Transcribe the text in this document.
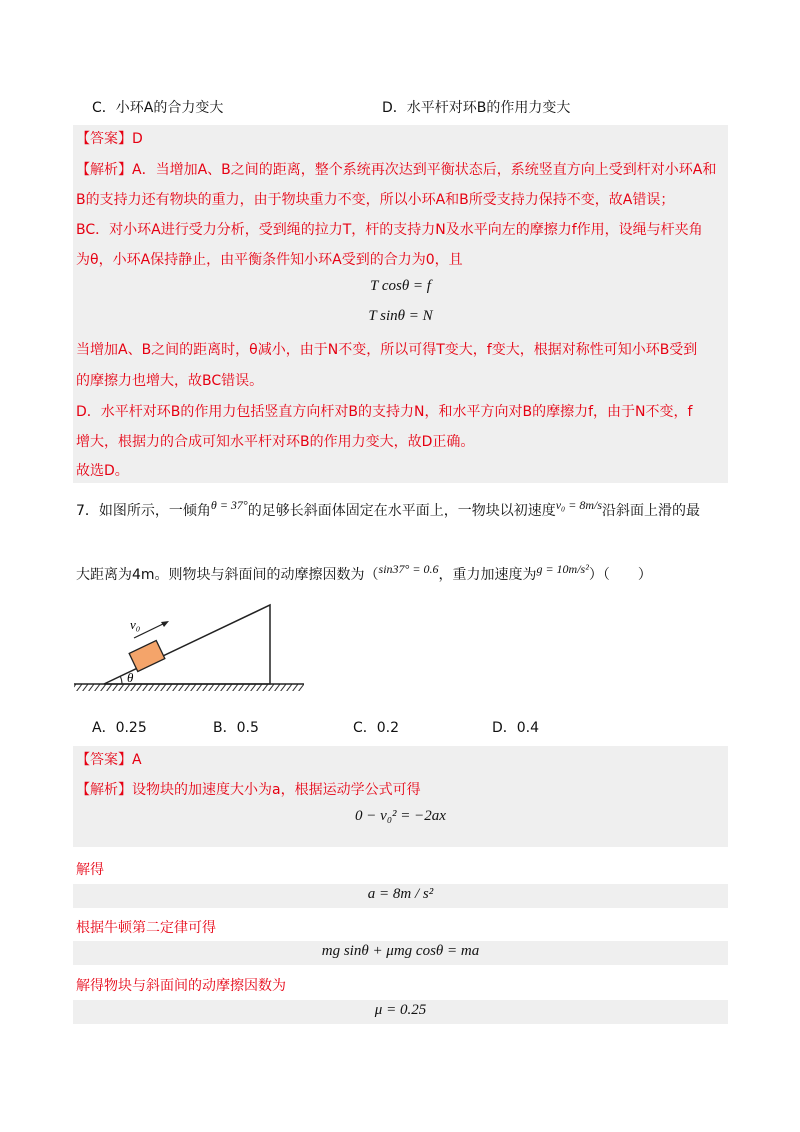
C．小环A的合力变大	D．水平杆对环B的作用力变大
【答案】D
【解析】A．当增加A、B之间的距离，整个系统再次达到平衡状态后，系统竖直方向上受到杆对小环A和
B的支持力还有物块的重力，由于物块重力不变，所以小环A和B所受支持力保持不变，故A错误；
BC．对小环A进行受力分析，受到绳的拉力T，杆的支持力N及水平向左的摩擦力f作用，设绳与杆夹角
为θ，小环A保持静止，由平衡条件知小环A受到的合力为0，且
T cosθ = f
T sinθ = N
当增加A、B之间的距离时，θ减小，由于N不变，所以可得T变大，f变大，根据对称性可知小环B受到
的摩擦力也增大，故BC错误。
D．水平杆对环B的作用力包括竖直方向杆对B的支持力N，和水平方向对B的摩擦力f，由于N不变，f
增大，根据力的合成可知水平杆对环B的作用力变大，故D正确。
故选D。
7．如图所示，一倾角θ = 37°的足够长斜面体固定在水平面上，一物块以初速度v₀ = 8m/s沿斜面上滑的最
大距离为4m。则物块与斜面间的动摩擦因数为（sin37° = 0.6，重力加速度为g = 10m/s²）（　　）
θ
v₀
A．0.25	B．0.5	C．0.2	D．0.4
【答案】A
【解析】设物块的加速度大小为a，根据运动学公式可得
0 − v₀² = −2ax
解得
a = 8m / s²
根据牛顿第二定律可得
mg sinθ + μmg cosθ = ma
解得物块与斜面间的动摩擦因数为
μ = 0.25
